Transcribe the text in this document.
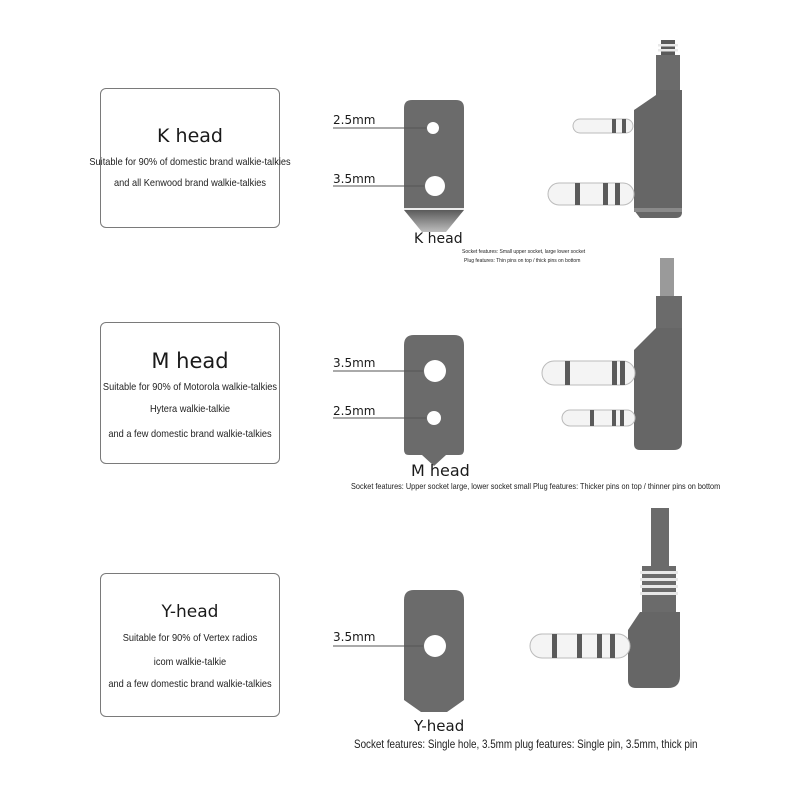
K head
Suitable for 90% of domestic brand walkie-talkies
and all Kenwood brand walkie-talkies
M head
Suitable for 90% of Motorola walkie-talkies
Hytera walkie-talkie
and a few domestic brand walkie-talkies
Y-head
Suitable for 90% of Vertex radios
icom walkie-talkie
and a few domestic brand walkie-talkies
2.5mm
3.5mm
3.5mm
2.5mm
3.5mm
K head
M head
Y-head
Socket features: Small upper socket, large lower socket
Plug features: Thin pins on top / thick pins on bottom
Socket features: Upper socket large, lower socket small Plug features: Thicker pins on top / thinner pins on bottom
Socket features: Single hole, 3.5mm plug features: Single pin, 3.5mm, thick pin
